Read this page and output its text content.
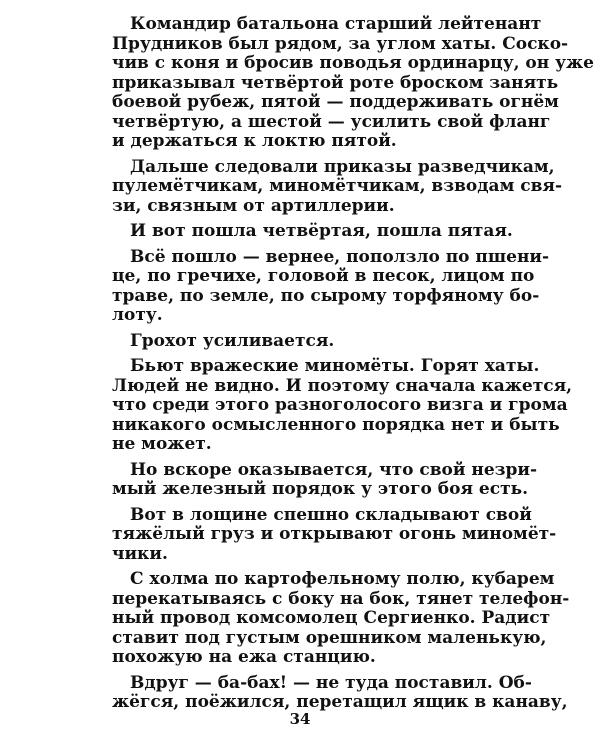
Командир батальона старший лейтенант
Прудников был рядом, за углом хаты. Соско-
чив с коня и бросив поводья ординарцу, он уже
приказывал четвёртой роте броском занять
боевой рубеж, пятой — поддерживать огнём
четвёртую, а шестой — усилить свой фланг
и держаться к локтю пятой.
Дальше следовали приказы разведчикам,
пулемётчикам, миномётчикам, взводам свя-
зи, связным от артиллерии.
И вот пошла четвёртая, пошла пятая.
Всё пошло — вернее, поползло по пшени-
це, по гречихе, головой в песок, лицом по
траве, по земле, по сырому торфяному бо-
лоту.
Грохот усиливается.
Бьют вражеские миномёты. Горят хаты.
Людей не видно. И поэтому сначала кажется,
что среди этого разноголосого визга и грома
никакого осмысленного порядка нет и быть
не может.
Но вскоре оказывается, что свой незри-
мый железный порядок у этого боя есть.
Вот в лощине спешно складывают свой
тяжёлый груз и открывают огонь миномёт-
чики.
С холма по картофельному полю, кубарем
перекатываясь с боку на бок, тянет телефон-
ный провод комсомолец Сергиенко. Радист
ставит под густым орешником маленькую,
похожую на ежа станцию.
Вдруг — ба-бах! — не туда поставил. Об-
жёгся, поёжился, перетащил ящик в канаву,
34
